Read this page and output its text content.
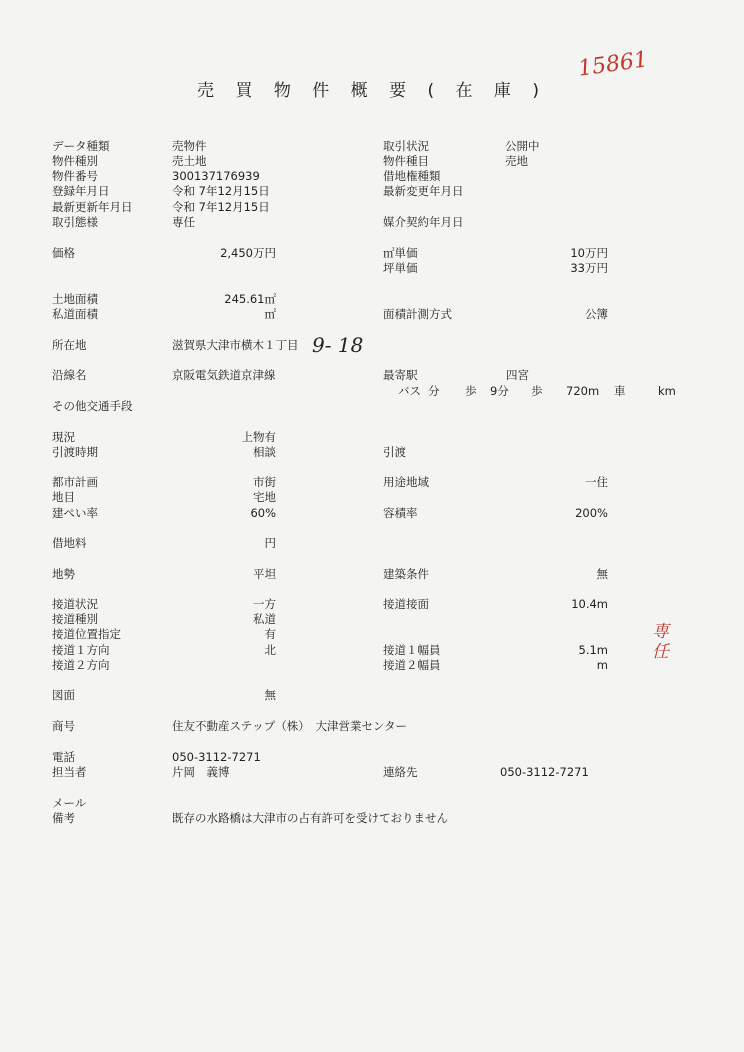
売 買 物 件 概 要 ( 在 庫 )
15861
9- 18
専 任
データ種類	売物件
物件種別	売土地
物件番号	300137176939
登録年月日	令和 7年12月15日
最新更新年月日	令和 7年12月15日
取引態様	専任
価格	2,450万円
土地面積	245.61㎡
私道面積	㎡
所在地	滋賀県大津市横木１丁目
沿線名	京阪電気鉄道京津線
その他交通手段
現況	上物有
引渡時期	相談
都市計画	市街
地目	宅地
建ぺい率	60%
借地料	円
地勢	平坦
接道状況	一方
接道種別	私道
接道位置指定	有
接道１方向	北
接道２方向
図面	無
商号	住友不動産ステップ（株）　大津営業センター
電話	050-3112-7271
担当者	片岡　義博
メール
備考	既存の水路橋は大津市の占有許可を受けておりません
取引状況	公開中
物件種目	売地
借地権種類
最新変更年月日
媒介契約年月日
㎡単価	10万円
坪単価	33万円
面積計測方式	公簿
最寄駅	四宮
バス 分 歩 9分 歩 720m 車	km
引渡
用途地域	一住
容積率	200%
建築条件	無
接道接面	10.4m
接道１幅員	5.1m
接道２幅員	m
連絡先	050-3112-7271
